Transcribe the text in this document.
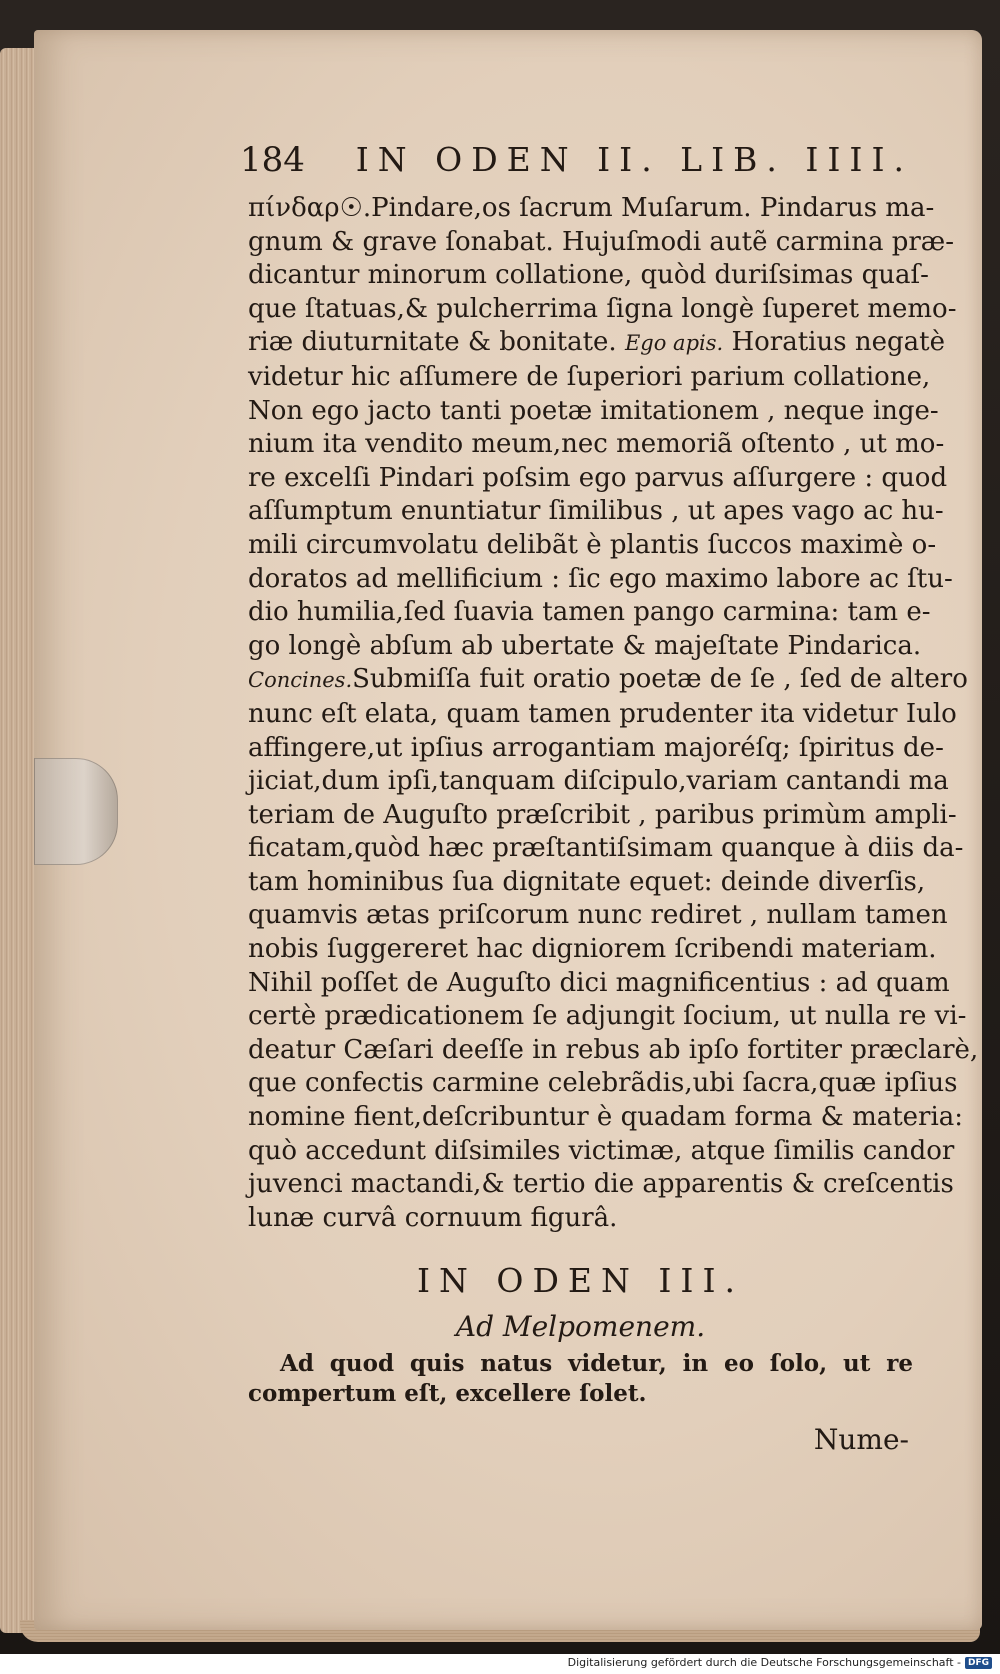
184 IN ODEN II. LIB. IIII.
πίνδαρ☉.Pindare,os ſacrum Muſarum. Pindarus ma-
gnum & grave ſonabat. Hujuſmodi autẽ carmina præ-
dicantur minorum collatione, quòd duriſsimas quaſ-
que ſtatuas,& pulcherrima ſigna longè ſuperet memo-
riæ diuturnitate & bonitate. Ego apis. Horatius negatè
videtur hic aſſumere de ſuperiori parium collatione,
Non ego jacto tanti poetæ imitationem , neque inge-
nium ita vendito meum,nec memoriã oſtento , ut mo-
re excelſi Pindari poſsim ego parvus aſſurgere : quod
aſſumptum enuntiatur ſimilibus , ut apes vago ac hu-
mili circumvolatu delibãt è plantis ſuccos maximè o-
doratos ad mellificium : ſic ego maximo labore ac ſtu-
dio humilia,ſed ſuavia tamen pango carmina: tam e-
go longè abſum ab ubertate & majeſtate Pindarica.
Concines.Submiſſa fuit oratio poetæ de ſe , ſed de altero
nunc eſt elata, quam tamen prudenter ita videtur Iulo
affingere,ut ipſius arrogantiam majoréſq; ſpiritus de-
jiciat,dum ipſi,tanquam diſcipulo,variam cantandi ma
teriam de Auguſto præſcribit , paribus primùm ampli-
ficatam,quòd hæc præſtantiſsimam quanque à diis da-
tam hominibus ſua dignitate equet: deinde diverſis,
quamvis ætas priſcorum nunc rediret , nullam tamen
nobis ſuggereret hac digniorem ſcribendi materiam.
Nihil poſſet de Auguſto dici magnificentius : ad quam
certè prædicationem ſe adjungit ſocium, ut nulla re vi-
deatur Cæſari deeſſe in rebus ab ipſo fortiter præclarè,
que confectis carmine celebrãdis,ubi ſacra,quæ ipſius
nomine fient,deſcribuntur è quadam forma & materia:
quò accedunt diſsimiles victimæ, atque ſimilis candor
juvenci mactandi,& tertio die apparentis & creſcentis
lunæ curvâ cornuum figurâ.
IN ODEN III.
Ad Melpomenem.
Ad quod quis natus videtur, in eo ſolo, ut re compertum eſt, excellere ſolet.
Nume-
Digitalisierung gefördert durch die Deutsche Forschungsgemeinschaft - DFG
